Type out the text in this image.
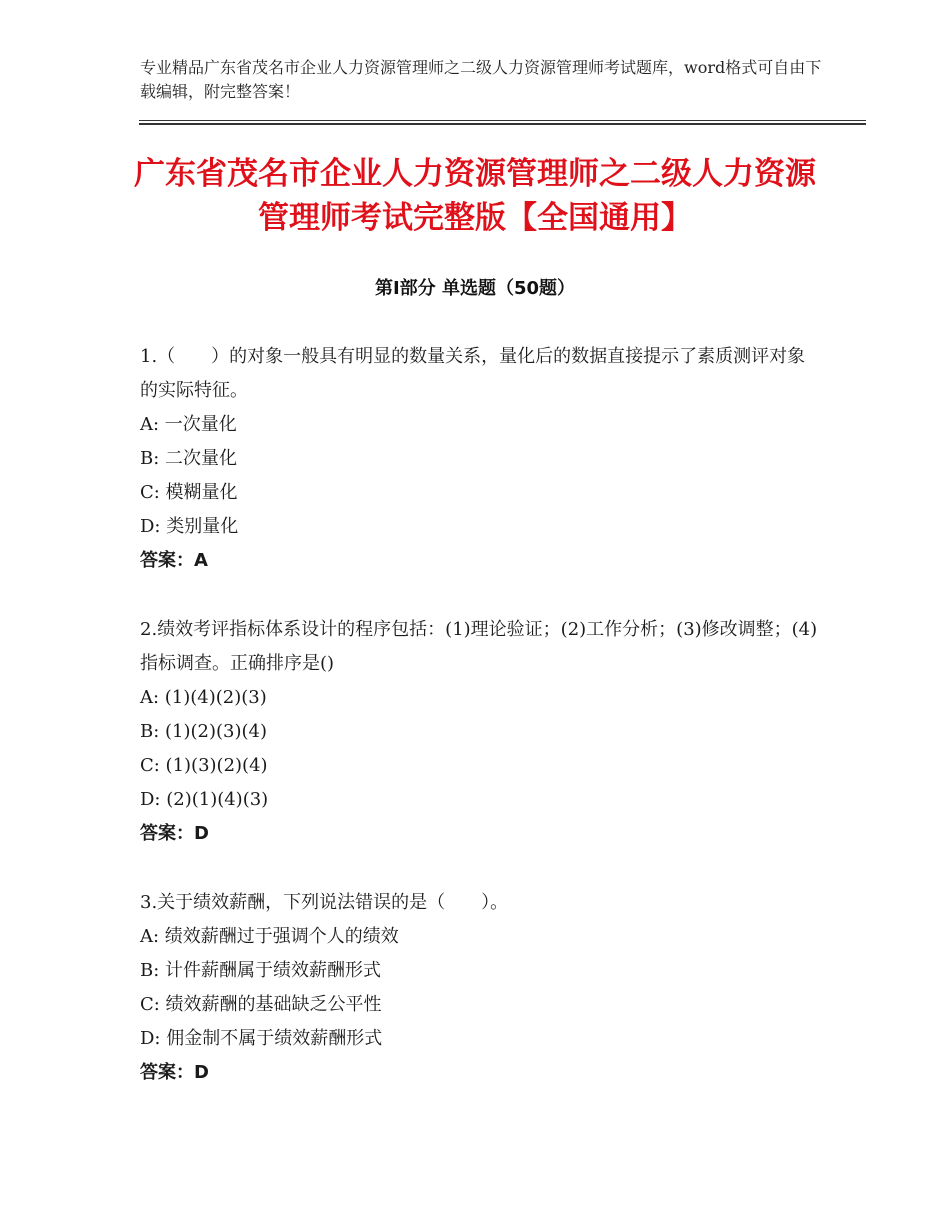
专业精品广东省茂名市企业人力资源管理师之二级人力资源管理师考试题库，word格式可自由下载编辑，附完整答案！
广东省茂名市企业人力资源管理师之二级人力资源管理师考试完整版【全国通用】
第Ⅰ部分 单选题（50题）

1.（　　）的对象一般具有明显的数量关系，量化后的数据直接提示了素质测评对象的实际特征。

A: 一次量化

B: 二次量化

C: 模糊量化

D: 类别量化

答案：A

2.绩效考评指标体系设计的程序包括：(1)理论验证；(2)工作分析；(3)修改调整；(4)指标调查。正确排序是()

A: (1)(4)(2)(3)

B: (1)(2)(3)(4)

C: (1)(3)(2)(4)

D: (2)(1)(4)(3)

答案：D

3.关于绩效薪酬，下列说法错误的是（　　）。

A: 绩效薪酬过于强调个人的绩效

B: 计件薪酬属于绩效薪酬形式

C: 绩效薪酬的基础缺乏公平性

D: 佣金制不属于绩效薪酬形式

答案：D
